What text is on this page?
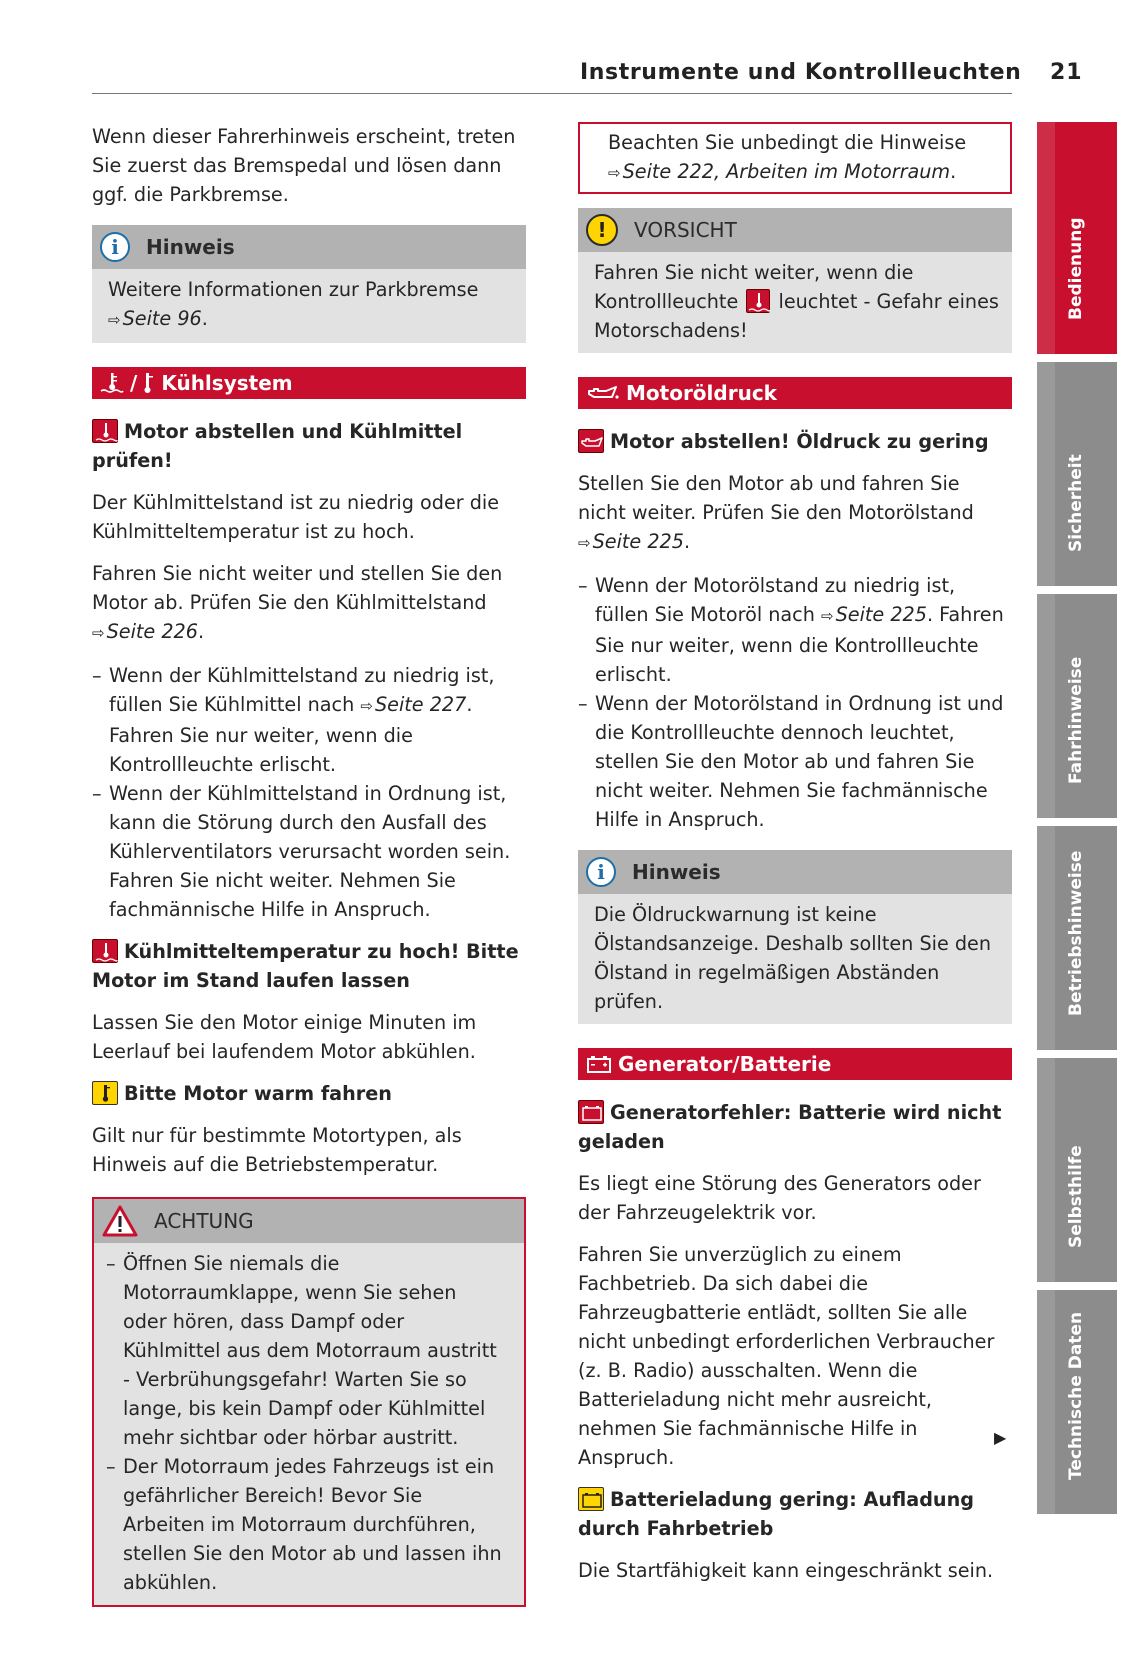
Instrumente und Kontrollleuchten 21

Wenn dieser Fahrerhinweis erscheint, treten Sie zuerst das Bremspedal und lösen dann ggf. die Parkbremse.

i	Hinweis
Weitere Informationen zur Parkbremse
⇨ Seite 96.
/ Kühlsystem
Motor abstellen und Kühlmittel prüfen!

Der Kühlmittelstand ist zu niedrig oder die Kühlmitteltemperatur ist zu hoch.

Fahren Sie nicht weiter und stellen Sie den Motor ab. Prüfen Sie den Kühlmittelstand
⇨ Seite 226.

– Wenn der Kühlmittelstand zu niedrig ist, füllen Sie Kühlmittel nach ⇨ Seite 227. Fahren Sie nur weiter, wenn die Kontrollleuchte erlischt.
– Wenn der Kühlmittelstand in Ordnung ist, kann die Störung durch den Ausfall des Kühlerventilators verursacht worden sein. Fahren Sie nicht weiter. Nehmen Sie fachmännische Hilfe in Anspruch.
Kühlmitteltemperatur zu hoch! Bitte Motor im Stand laufen lassen

Lassen Sie den Motor einige Minuten im Leerlauf bei laufendem Motor abkühlen.

Bitte Motor warm fahren

Gilt nur für bestimmte Motortypen, als Hinweis auf die Betriebstemperatur.

ACHTUNG
– Öffnen Sie niemals die Motorraumklappe, wenn Sie sehen oder hören, dass Dampf oder Kühlmittel aus dem Motorraum austritt - Verbrühungsgefahr! Warten Sie so lange, bis kein Dampf oder Kühlmittel mehr sichtbar oder hörbar austritt.
– Der Motorraum jedes Fahrzeugs ist ein gefährlicher Bereich! Bevor Sie Arbeiten im Motorraum durchführen, stellen Sie den Motor ab und lassen ihn abkühlen.
Beachten Sie unbedingt die Hinweise
⇨ Seite 222, Arbeiten im Motorraum.
!	VORSICHT
Fahren Sie nicht weiter, wenn die Kontrollleuchte leuchtet - Gefahr eines Motorschadens!
Motoröldruck
Motor abstellen! Öldruck zu gering

Stellen Sie den Motor ab und fahren Sie nicht weiter. Prüfen Sie den Motorölstand
⇨ Seite 225.

– Wenn der Motorölstand zu niedrig ist, füllen Sie Motoröl nach ⇨ Seite 225. Fahren Sie nur weiter, wenn die Kontrollleuchte erlischt.
– Wenn der Motorölstand in Ordnung ist und die Kontrollleuchte dennoch leuchtet, stellen Sie den Motor ab und fahren Sie nicht weiter. Nehmen Sie fachmännische Hilfe in Anspruch.
i	Hinweis
Die Öldruckwarnung ist keine Ölstandsanzeige. Deshalb sollten Sie den Ölstand in regelmäßigen Abständen prüfen.
Generator/Batterie
Generatorfehler: Batterie wird nicht geladen

Es liegt eine Störung des Generators oder der Fahrzeugelektrik vor.

Fahren Sie unverzüglich zu einem Fachbetrieb. Da sich dabei die Fahrzeugbatterie entlädt, sollten Sie alle nicht unbedingt erforderlichen Verbraucher (z. B. Radio) ausschalten. Wenn die Batterieladung nicht mehr ausreicht, nehmen Sie fachmännische Hilfe in Anspruch.

Batterieladung gering: Aufladung durch Fahrbetrieb

Die Startfähigkeit kann eingeschränkt sein.

▶
Bedienung
Sicherheit
Fahrhinweise
Betriebshinweise
Selbsthilfe
Technische Daten
